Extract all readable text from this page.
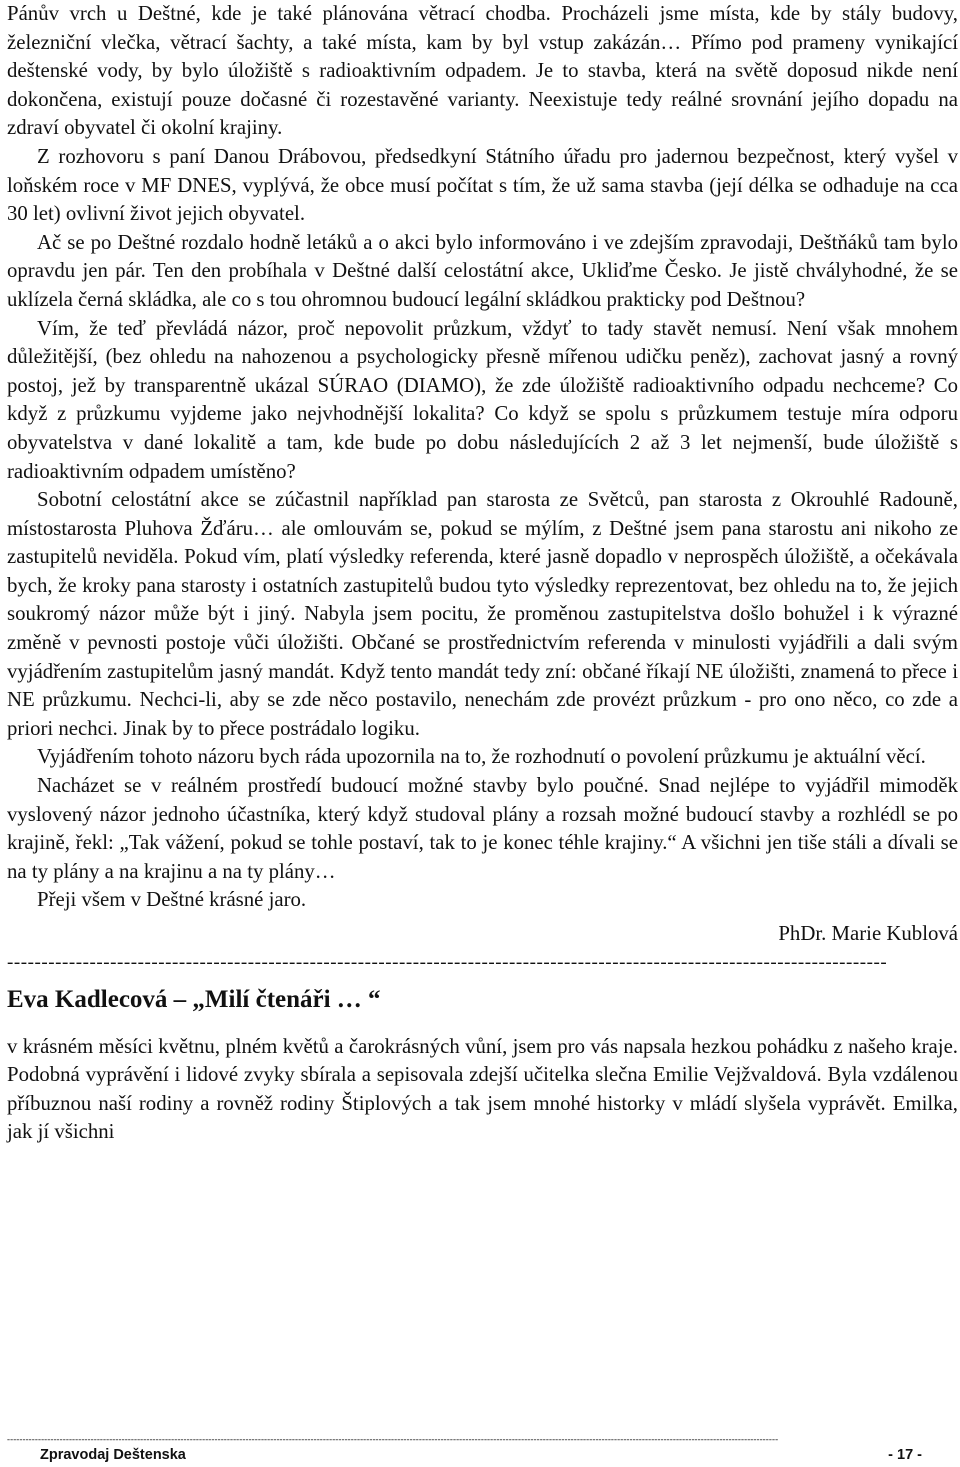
Pánův vrch u Deštné, kde je také plánována větrací chodba. Procházeli jsme místa, kde by stály budovy, železniční vlečka, větrací šachty, a také místa, kam by byl vstup zakázán… Přímo pod prameny vynikající deštenské vody, by bylo úložiště s radioaktivním odpadem. Je to stavba, která na světě doposud nikde není dokončena, existují pouze dočasné či rozestavěné varianty. Neexistuje tedy reálné srovnání jejího dopadu na zdraví obyvatel či okolní krajiny.

Z rozhovoru s paní Danou Drábovou, předsedkyní Státního úřadu pro jadernou bezpečnost, který vyšel v loňském roce v MF DNES, vyplývá, že obce musí počítat s tím, že už sama stavba (její délka se odhaduje na cca 30 let) ovlivní život jejich obyvatel.

Ač se po Deštné rozdalo hodně letáků a o akci bylo informováno i ve zdejším zpravodaji, Deštňáků tam bylo opravdu jen pár. Ten den probíhala v Deštné další celostátní akce, Ukliďme Česko. Je jistě chvályhodné, že se uklízela černá skládka, ale co s tou ohromnou budoucí legální skládkou prakticky pod Deštnou?

Vím, že teď převládá názor, proč nepovolit průzkum, vždyť to tady stavět nemusí. Není však mnohem důležitější, (bez ohledu na nahozenou a psychologicky přesně mířenou udičku peněz), zachovat jasný a rovný postoj, jež by transparentně ukázal SÚRAO (DIAMO), že zde úložiště radioaktivního odpadu nechceme? Co když z průzkumu vyjdeme jako nejvhodnější lokalita? Co když se spolu s průzkumem testuje míra odporu obyvatelstva v dané lokalitě a tam, kde bude po dobu následujících 2 až 3 let nejmenší, bude úložiště s radioaktivním odpadem umístěno?

Sobotní celostátní akce se zúčastnil například pan starosta ze Světců, pan starosta z Okrouhlé Radouně, místostarosta Pluhova Žďáru… ale omlouvám se, pokud se mýlím, z Deštné jsem pana starostu ani nikoho ze zastupitelů neviděla. Pokud vím, platí výsledky referenda, které jasně dopadlo v neprospěch úložiště, a očekávala bych, že kroky pana starosty i ostatních zastupitelů budou tyto výsledky reprezentovat, bez ohledu na to, že jejich soukromý názor může být i jiný. Nabyla jsem pocitu, že proměnou zastupitelstva došlo bohužel i k výrazné změně v pevnosti postoje vůči úložišti. Občané se prostřednictvím referenda v minulosti vyjádřili a dali svým vyjádřením zastupitelům jasný mandát. Když tento mandát tedy zní: občané říkají NE úložišti, znamená to přece i NE průzkumu. Nechci-li, aby se zde něco postavilo, nenechám zde provézt průzkum - pro ono něco, co zde a priori nechci. Jinak by to přece postrádalo logiku.

Vyjádřením tohoto názoru bych ráda upozornila na to, že rozhodnutí o povolení průzkumu je aktuální věcí.

Nacházet se v reálném prostředí budoucí možné stavby bylo poučné. Snad nejlépe to vyjádřil mimoděk vyslovený názor jednoho účastníka, který když studoval plány a rozsah možné budoucí stavby a rozhlédl se po krajině, řekl: „Tak vážení, pokud se tohle postaví, tak to je konec téhle krajiny.“ A všichni jen tiše stáli a dívali se na ty plány a na krajinu a na ty plány…

Přeji všem v Deštné krásné jaro.

PhDr. Marie Kublová

--------------------------------------------------------------------------------------------------------------------------------
Eva Kadlecová – „Milí čtenáři … “

v krásném měsíci květnu, plném květů a čarokrásných vůní, jsem pro vás napsala hezkou pohádku z našeho kraje. Podobná vyprávění i lidové zvyky sbírala a sepisovala zdejší učitelka slečna Emilie Vejžvaldová. Byla vzdálenou příbuznou naší rodiny a rovněž rodiny Štiplových a tak jsem mnohé historky v mládí slyšela vyprávět. Emilka, jak jí všichni

---------------------------------------------------------------------------------------------------------------------------------------------------------------------------------------------------------------------------------------------------------
Zpravodaj Deštenska	- 17 -
